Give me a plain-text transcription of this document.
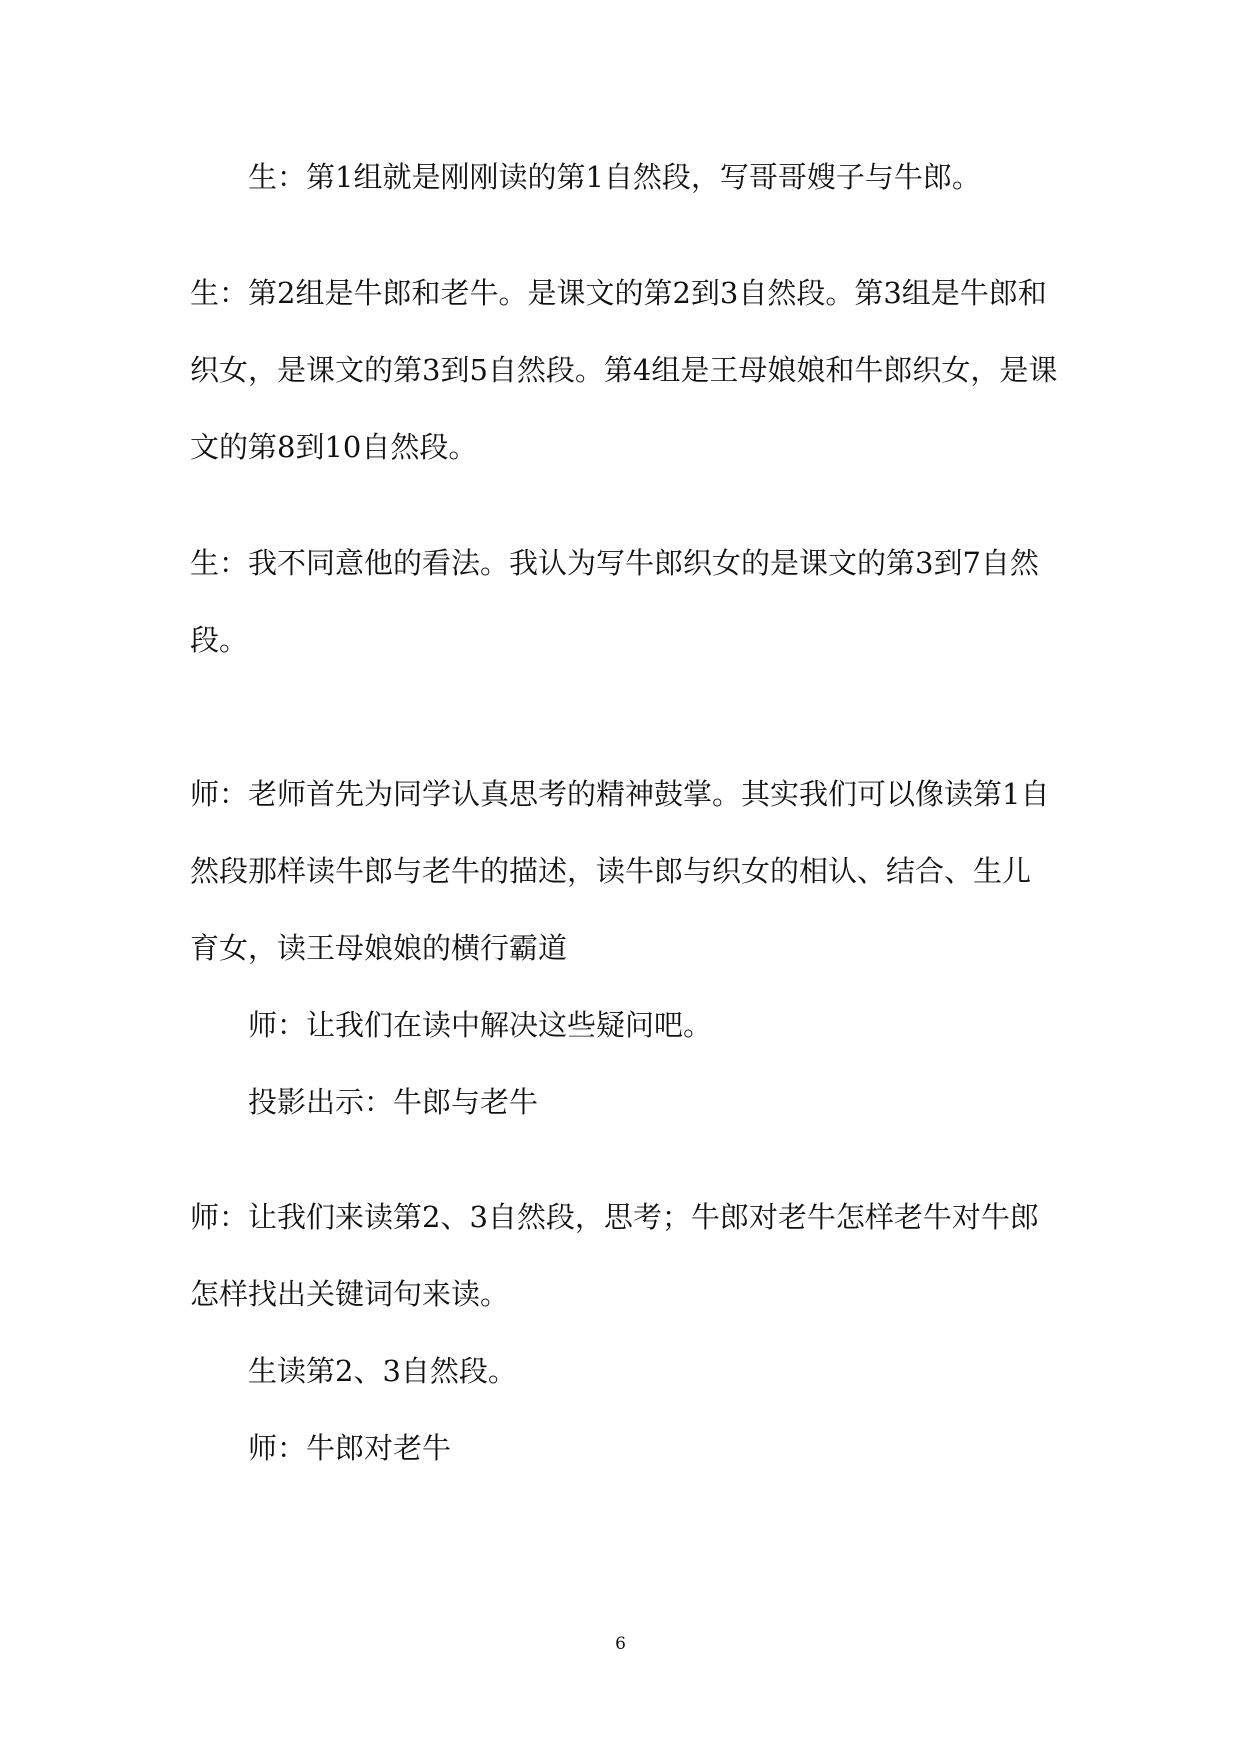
生：第1组就是刚刚读的第1自然段，写哥哥嫂子与牛郎。

生：第2组是牛郎和老牛。是课文的第2到3自然段。第3组是牛郎和
织女，是课文的第3到5自然段。第4组是王母娘娘和牛郎织女，是课
文的第8到10自然段。

生：我不同意他的看法。我认为写牛郎织女的是课文的第3到7自然
段。

师：老师首先为同学认真思考的精神鼓掌。其实我们可以像读第1自
然段那样读牛郎与老牛的描述，读牛郎与织女的相认、结合、生儿
育女，读王母娘娘的横行霸道

师：让我们在读中解决这些疑问吧。

投影出示：牛郎与老牛

师：让我们来读第2、3自然段，思考；牛郎对老牛怎样老牛对牛郎
怎样找出关键词句来读。

生读第2、3自然段。

师：牛郎对老牛

6
